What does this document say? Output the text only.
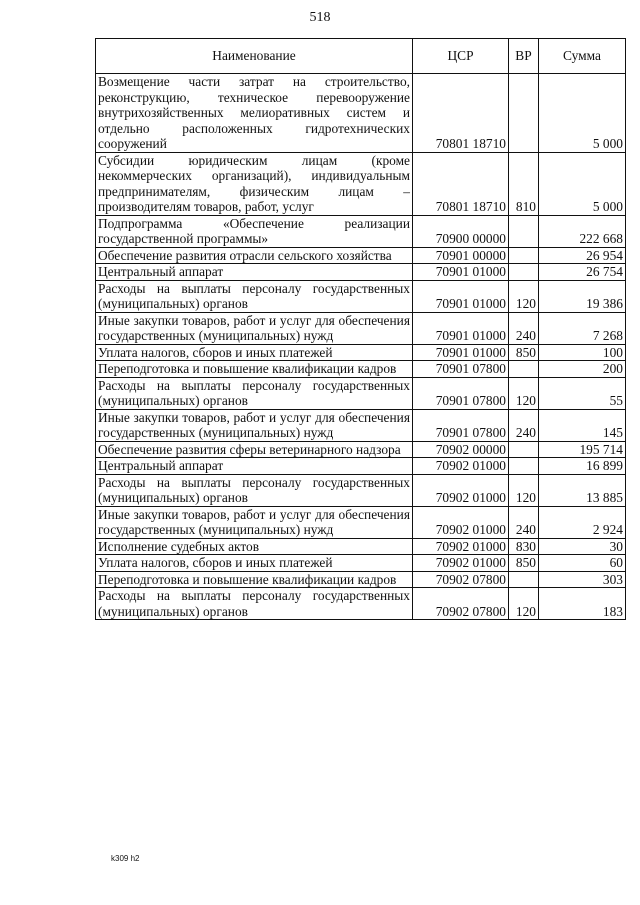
518
Наименование	ЦСР	ВР	Сумма
Возмещение части затрат на строительство, реконструкцию, техническое перевооружение внутрихозяйственных мелиоративных систем и отдельно расположенных гидротехнических сооружений	70801 18710		5 000
Субсидии юридическим лицам (кроме некоммерческих организаций), индивидуальным предпринимателям, физическим лицам – производителям товаров, работ, услуг	70801 18710	810	5 000
Подпрограмма «Обеспечение реализации государственной программы»	70900 00000		222 668
Обеспечение развития отрасли сельского хозяйства	70901 00000		26 954
Центральный аппарат	70901 01000		26 754
Расходы на выплаты персоналу государственных (муниципальных) органов	70901 01000	120	19 386
Иные закупки товаров, работ и услуг для обеспечения государственных (муниципальных) нужд	70901 01000	240	7 268
Уплата налогов, сборов и иных платежей	70901 01000	850	100
Переподготовка и повышение квалификации кадров	70901 07800		200
Расходы на выплаты персоналу государственных (муниципальных) органов	70901 07800	120	55
Иные закупки товаров, работ и услуг для обеспечения государственных (муниципальных) нужд	70901 07800	240	145
Обеспечение развития сферы ветеринарного надзора	70902 00000		195 714
Центральный аппарат	70902 01000		16 899
Расходы на выплаты персоналу государственных (муниципальных) органов	70902 01000	120	13 885
Иные закупки товаров, работ и услуг для обеспечения государственных (муниципальных) нужд	70902 01000	240	2 924
Исполнение судебных актов	70902 01000	830	30
Уплата налогов, сборов и иных платежей	70902 01000	850	60
Переподготовка и повышение квалификации кадров	70902 07800		303
Расходы на выплаты персоналу государственных (муниципальных) органов	70902 07800	120	183
k309 h2
